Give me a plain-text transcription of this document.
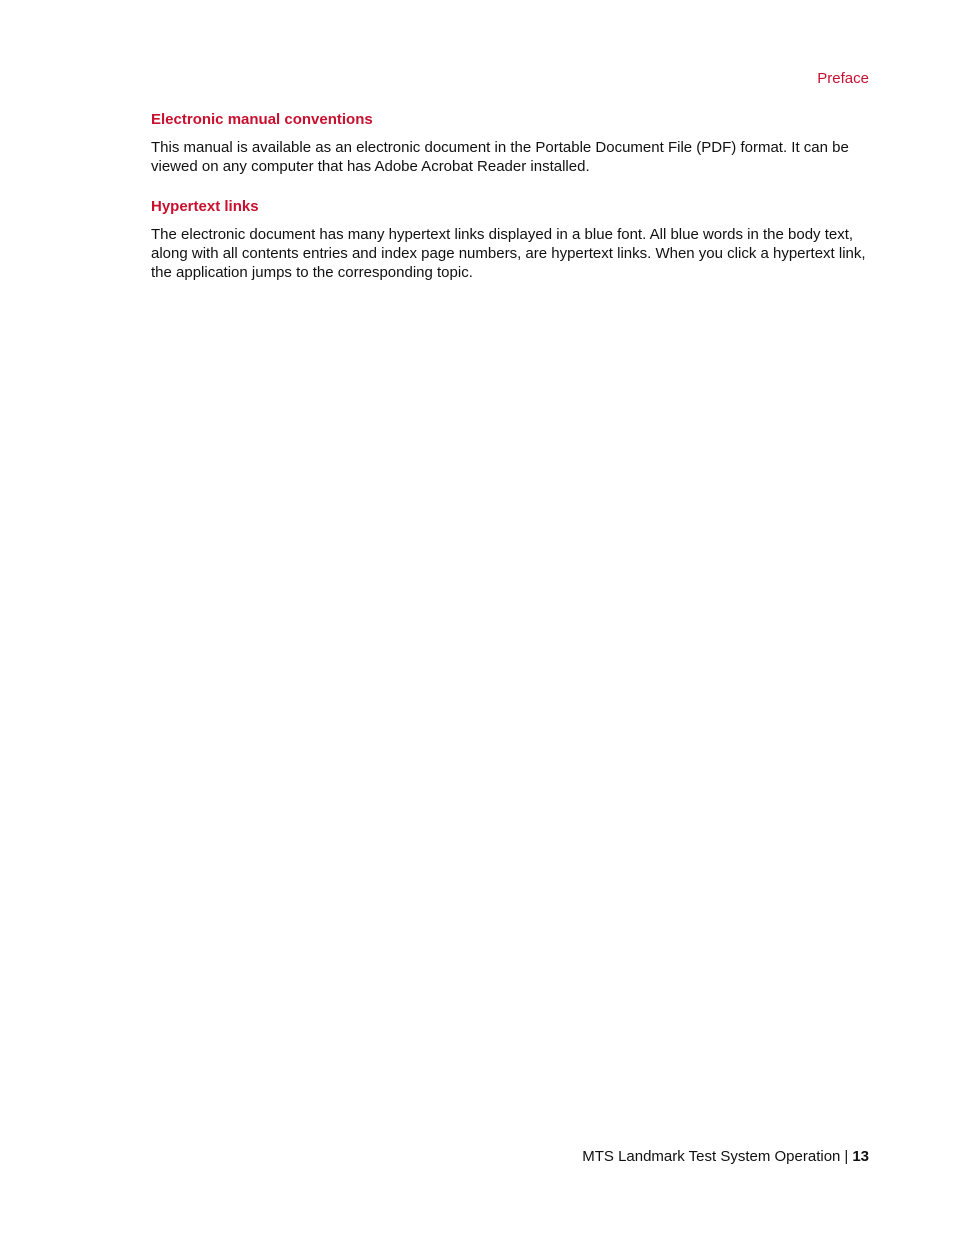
Preface
Electronic manual conventions

This manual is available as an electronic document in the Portable Document File (PDF) format. It can be viewed on any computer that has Adobe Acrobat Reader installed.

Hypertext links

The electronic document has many hypertext links displayed in a blue font. All blue words in the body text, along with all contents entries and index page numbers, are hypertext links. When you click a hypertext link, the application jumps to the corresponding topic.

MTS Landmark Test System Operation | 13
